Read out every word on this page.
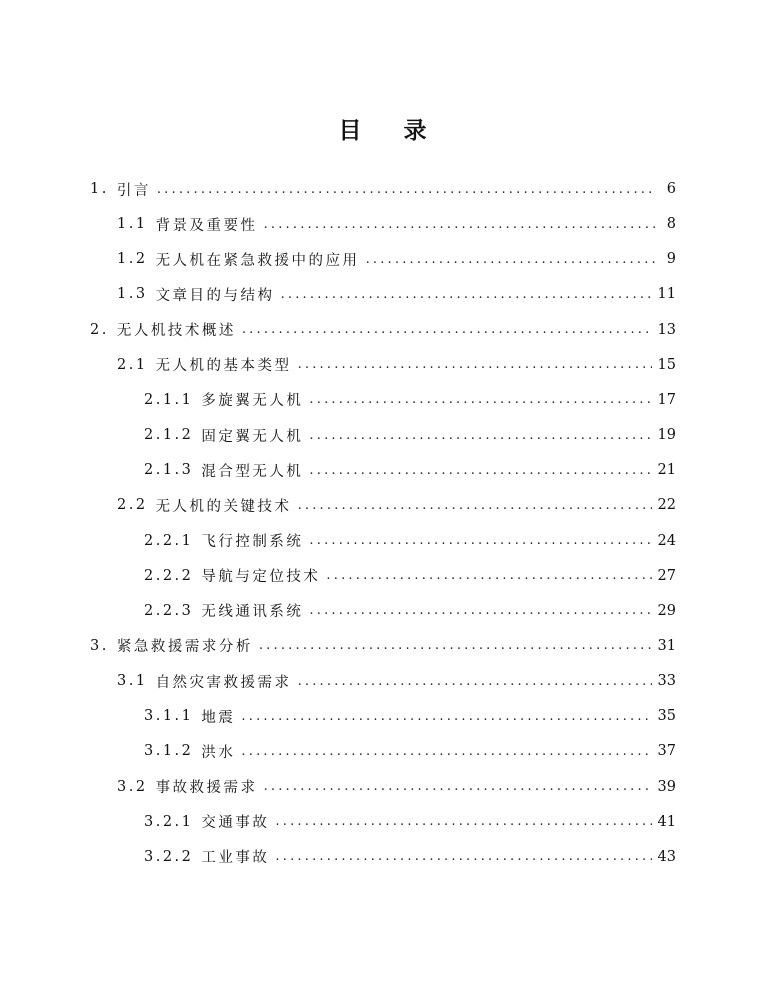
目 录
1. 引言 .....	6
1.1 背景及重要性 .....	8
1.2 无人机在紧急救援中的应用 .....	9
1.3 文章目的与结构 .....	11
2. 无人机技术概述 .....	13
2.1 无人机的基本类型 .....	15
2.1.1 多旋翼无人机 .....	17
2.1.2 固定翼无人机 .....	19
2.1.3 混合型无人机 .....	21
2.2 无人机的关键技术 .....	22
2.2.1 飞行控制系统 .....	24
2.2.2 导航与定位技术 .....	27
2.2.3 无线通讯系统 .....	29
3. 紧急救援需求分析 .....	31
3.1 自然灾害救援需求 .....	33
3.1.1 地震 .....	35
3.1.2 洪水 .....	37
3.2 事故救援需求 .....	39
3.2.1 交通事故 .....	41
3.2.2 工业事故 .....	43
